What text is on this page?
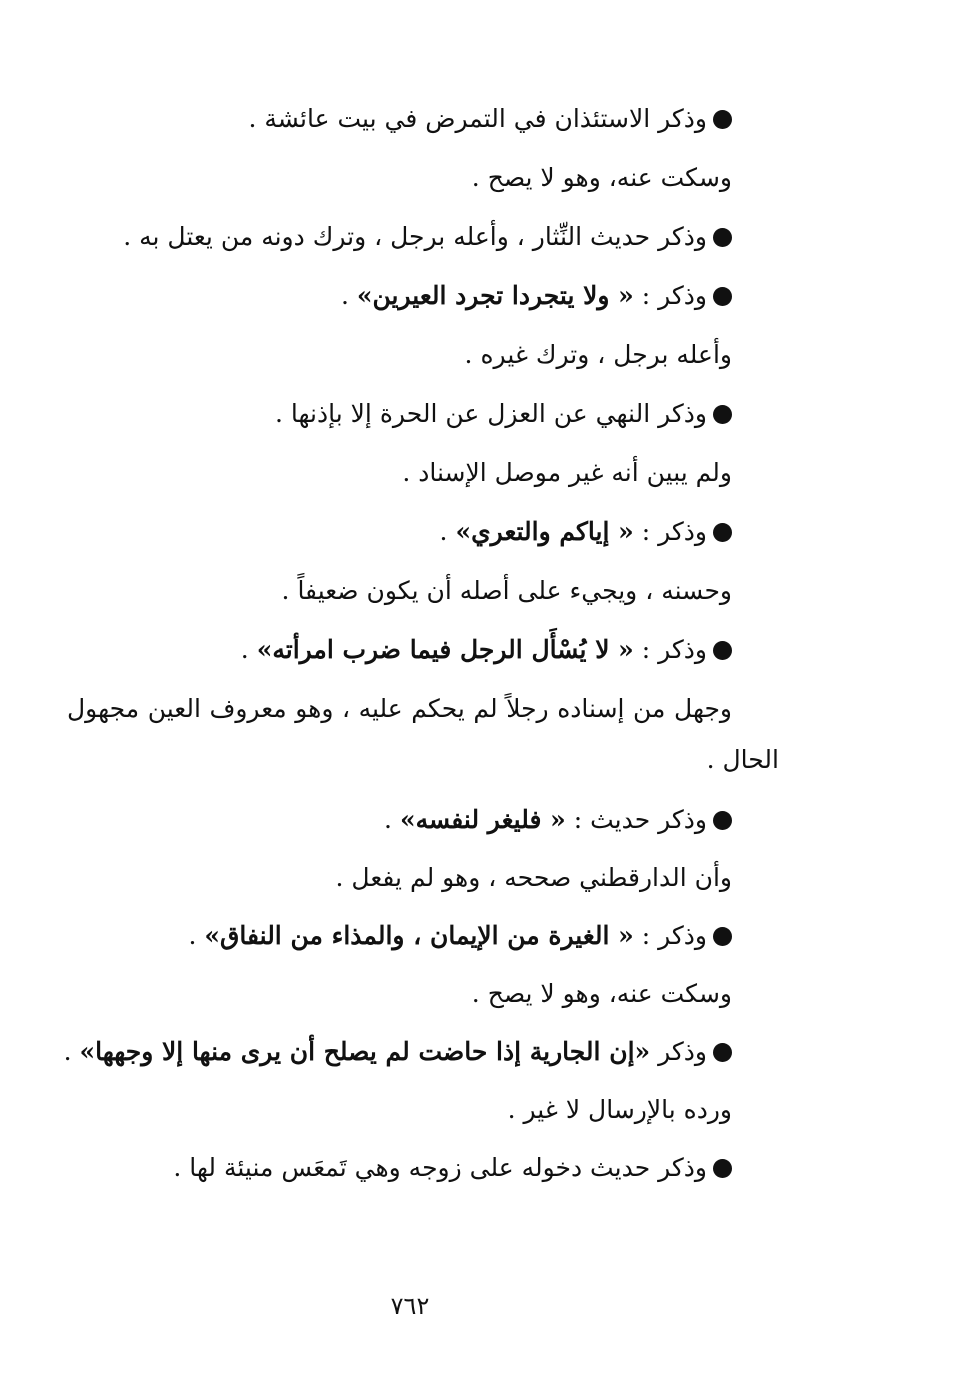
وذكر الاستئذان في التمرض في بيت عائشة .
وسكت عنه، وهو لا يصح .
وذكر حديث النِّثار ، وأعله برجل ، وترك دونه من يعتل به .
وذكر : « ولا يتجردا تجرد العيرين» .
وأعله برجل ، وترك غيره .
وذكر النهي عن العزل عن الحرة إلا بإذنها .
ولم يبين أنه غير موصل الإسناد .
وذكر : « إياكم والتعري» .
وحسنه ، ويجيء على أصله أن يكون ضعيفاً .
وذكر : « لا يُسْأَل الرجل فيما ضرب امرأته» .
وجهل من إسناده رجلاً لم يحكم عليه ، وهو معروف العين مجهول
الحال .
وذكر حديث : « فليغر لنفسه» .
وأن الدارقطني صححه ، وهو لم يفعل .
وذكر : « الغيرة من الإيمان ، والمذاء من النفاق» .
وسكت عنه، وهو لا يصح .
وذكر «إن الجارية إذا حاضت لم يصلح أن يرى منها إلا وجهها» .
ورده بالإرسال لا غير .
وذكر حديث دخوله على زوجه وهي تَمعَس منيئة لها .
٧٦٢
